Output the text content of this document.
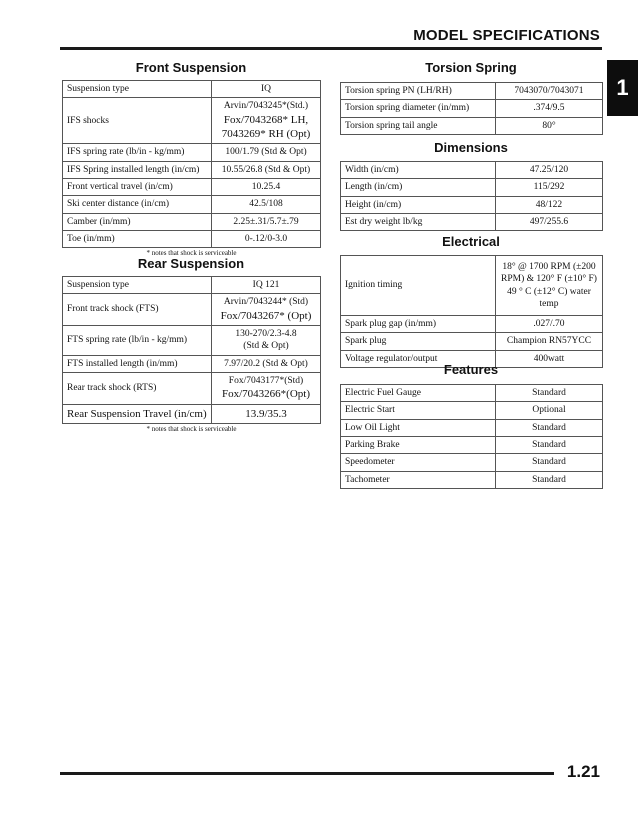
MODEL SPECIFICATIONS
1
Front Suspension
Suspension type	IQ
IFS shocks	Arvin/7043245*(Std.)
Fox/7043268* LH,
7043269* RH (Opt)

IFS spring rate (lb/in - kg/mm)	100/1.79 (Std & Opt)
IFS Spring installed length (in/cm)	10.55/26.8 (Std & Opt)
Front vertical travel (in/cm)	10.25.4
Ski center distance (in/cm)	42.5/108
Camber (in/mm)	2.25±.31/5.7±.79
Toe (in/mm)	0-.12/0-3.0
* notes that shock is serviceable	
Rear Suspension
Suspension type	IQ 121
Front track shock (FTS)	Arvin/7043244* (Std)
Fox/7043267* (Opt)

FTS spring rate (lb/in - kg/mm)	130-270/2.3-4.8
(Std & Opt)

FTS installed length (in/mm)	7.97/20.2 (Std & Opt)
Rear track shock (RTS)	Fox/7043177*(Std)
Fox/7043266*(Opt)

Rear Suspension Travel (in/cm)	13.9/35.3
* notes that shock is serviceable	
Torsion Spring
Torsion spring PN (LH/RH)	7043070/7043071
Torsion spring diameter (in/mm)	.374/9.5
Torsion spring tail angle	80°
Dimensions
Width (in/cm)	47.25/120
Length (in/cm)	115/292
Height (in/cm)	48/122
Est dry weight lb/kg	497/255.6
Electrical
Ignition timing	18° @ 1700 RPM (±200
RPM) & 120° F (±10° F)
49 ° C (±12° C) water
temp

Spark plug gap (in/mm)	.027/.70
Spark plug	Champion RN57YCC
Voltage regulator/output	400watt
Features
Electric Fuel Gauge	Standard
Electric Start	Optional
Low Oil Light	Standard
Parking Brake	Standard
Speedometer	Standard
Tachometer	Standard
1.21
